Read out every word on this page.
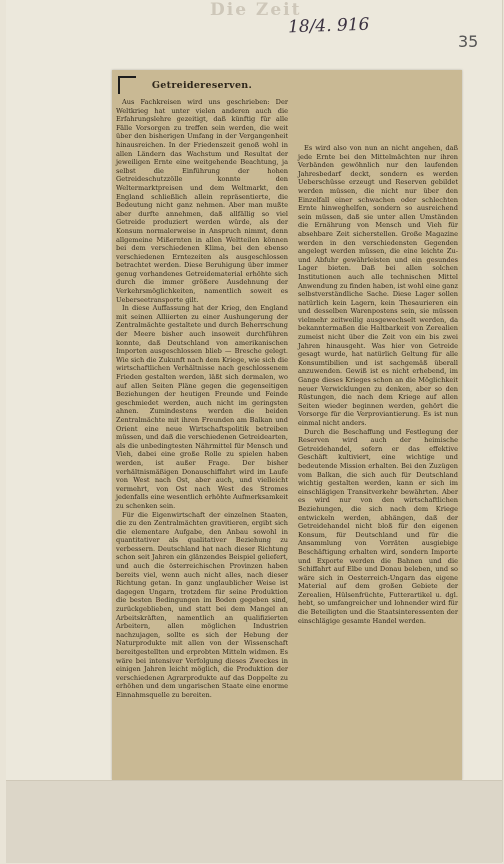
Die Zeit
18/4. 916
35
Getreidereserven.

Aus Fachkreisen wird uns geschrieben: Der Weltkrieg hat unter vielen anderen auch die Erfahrungslehre gezeitigt, daß künftig für alle Fälle Vorsorgen zu treffen sein werden, die weit über den bisherigen Umfang in der Vergangenheit hinausreichen. In der Friedenszeit genoß wohl in allen Ländern das Wachstum und Resultat der jeweiligen Ernte eine weitgehende Beachtung, ja selbst die Einführung der hohen Getreideschutzzölle konnte den Weltermarktpreisen und dem Weltmarkt, den England schließlich allein repräsentierte, die Bedeutung nicht ganz nehmen. Aber man mußte aber durfte annehmen, daß allfällig so viel Getreide produziert werden würde, als der Konsum normalerweise in Anspruch nimmt, denn allgemeine Mißernten in allen Weltteilen können bei dem verschiedenen Klima, bei den ebenso verschiedenen Erntezeiten als ausgeschlossen betrachtet werden. Diese Beruhigung über immer genug vorhandenes Getreidematerial erhöhte sich durch die immer größere Ausdehnung der Verkehrsmöglichkeiten, namentlich soweit es Ueberseetransporte gilt.

In diese Auffassung hat der Krieg, den England mit seinen Alliierten zu einer Aushungerung der Zentralmächte gestaltete und durch Beherrschung der Meere bisher auch insoweit durchführen konnte, daß Deutschland von amerikanischen Importen ausgeschlossen blieb — Bresche gelegt. Wie sich die Zukunft nach dem Kriege, wie sich die wirtschaftlichen Verhältnisse nach geschlossenem Frieden gestalten werden, läßt sich dermalen, wo auf allen Seiten Pläne gegen die gegenseitigen Beziehungen der heutigen Freunde und Feinde geschmiedet werden, auch nicht im geringsten ahnen. Zumindestens werden die beiden Zentralmächte mit ihren Freunden am Balkan und Orient eine neue Wirtschaftspolitik betreiben müssen, und daß die verschiedenen Getreidearten, als die unbedingtesten Nährmittel für Mensch und Vieh, dabei eine große Rolle zu spielen haben werden, ist außer Frage. Der bisher verhältnismäßigen Donauschiffahrt wird im Laufe von West nach Ost, aber auch, und vielleicht vermehrt, von Ost nach West des Stromes jedenfalls eine wesentlich erhöhte Aufmerksamkeit zu schenken sein.

Für die Eigenwirtschaft der einzelnen Staaten, die zu den Zentralmächten gravitieren, ergibt sich die elementare Aufgabe, den Anbau sowohl in quantitativer als qualitativer Beziehung zu verbessern. Deutschland hat nach dieser Richtung schon seit Jahren ein glänzendes Beispiel geliefert, und auch die österreichischen Provinzen haben bereits viel, wenn auch nicht alles, nach dieser Richtung getan. In ganz unglaublicher Weise ist dagegen Ungarn, trotzdem für seine Produktion die besten Bedingungen im Boden gegeben sind, zurückgeblieben, und statt bei dem Mangel an Arbeitskräften, namentlich an qualifizierten Arbeitern, allen möglichen Industrien nachzujagen, sollte es sich der Hebung der Naturprodukte mit allen von der Wissenschaft bereitgestellten und erprobten Mitteln widmen. Es wäre bei intensiver Verfolgung dieses Zweckes in einigen Jahren leicht möglich, die Produktion der verschiedenen Agrarprodukte auf das Doppelte zu erhöhen und dem ungarischen Staate eine enorme Einnahmsquelle zu bereiten.

Es wird also von nun an nicht angehen, daß jede Ernte bei den Mittelmächten nur ihren Verbänden gewöhnlich nur den laufenden Jahresbedarf deckt, sondern es werden Ueberschüsse erzeugt und Reserven gebildet werden müssen, die nicht nur über den Einzelfall einer schwachen oder schlechten Ernte hinweghelfen, sondern so ausreichend sein müssen, daß sie unter allen Umständen die Ernährung von Mensch und Vieh für absehbare Zeit sicherstellen. Große Magazine werden in den verschiedensten Gegenden angelegt werden müssen, die eine leichte Zu- und Abfuhr gewährleisten und ein gesundes Lager bieten. Daß bei allen solchen Institutionen auch alle technischen Mittel Anwendung zu finden haben, ist wohl eine ganz selbstverständliche Sache. Diese Lager sollen natürlich kein Lagern, kein Thesaurieren ein und desselben Warenpostens sein, sie müssen vielmehr zeitweilig ausgewechselt werden, da bekanntermaßen die Haltbarkeit von Zerealien zumeist nicht über die Zeit von ein bis zwei Jahren hinausgeht. Was hier von Getreide gesagt wurde, hat natürlich Geltung für alle Konsumtibilien und ist sachgemäß überall anzuwenden. Gewiß ist es nicht erhebend, im Gange dieses Krieges schon an die Möglichkeit neuer Verwicklungen zu denken, aber so den Rüstungen, die nach dem Kriege auf allen Seiten wieder beginnen werden, gehört die Vorsorge für die Verproviantierung. Es ist nun einmal nicht anders.

Durch die Beschaffung und Festlegung der Reserven wird auch der heimische Getreidehandel, sofern er das effektive Geschäft kultiviert, eine wichtige und bedeutende Mission erhalten. Bei den Zuzügen vom Balkan, die sich auch für Deutschland wichtig gestalten werden, kann er sich im einschlägigen Transitverkehr bewährten. Aber es wird nur von den wirtschaftlichen Beziehungen, die sich nach dem Kriege entwickeln werden, abhängen, daß der Getreidehandel nicht bloß für den eigenen Konsum, für Deutschland und für die Ansammlung von Vorräten ausgiebige Beschäftigung erhalten wird, sondern Importe und Exporte werden die Bahnen und die Schiffahrt auf Elbe und Donau beleben, und so wäre sich in Oesterreich-Ungarn das eigene Material auf dem großen Gebiete der Zerealien, Hülsenfrüchte, Futterartikel u. dgl. hebt, so umfangreicher und lohnender wird für die Beteiligten und die Staatsinteressenten der einschlägige gesamte Handel werden.
